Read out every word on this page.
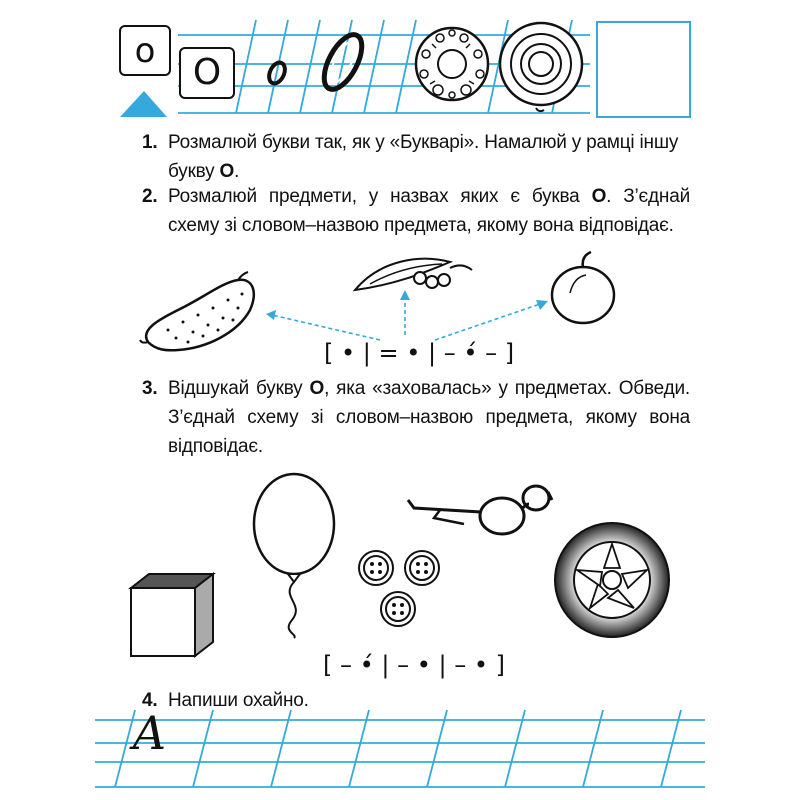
о
О
1. Розмалюй букви так, як у «Букварі». Намалюй у рамці іншу букву О.
2. Розмалюй предмети, у назвах яких є буква О. З’єднай схему зі словом–назвою предмета, якому вона відповідає.
[ • | = • | – •́ – ]
3. Відшукай букву О, яка «заховалась» у предметах. Обведи. З’єднай схему зі словом–назвою предмета, якому вона відповідає.
[ – •́ | – • | – • ]
4. Напиши охайно.
А
